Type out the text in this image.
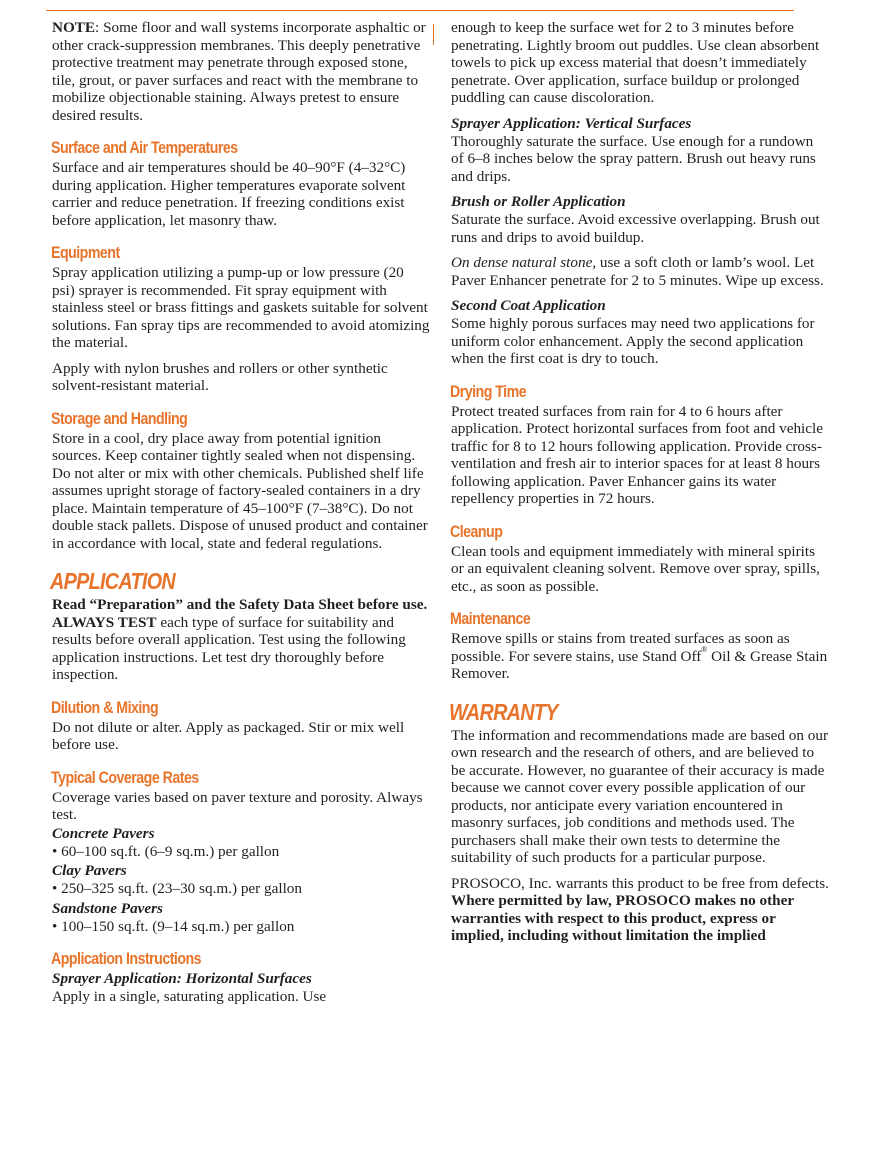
NOTE: Some floor and wall systems incorporate asphaltic or other crack-suppression membranes. This deeply penetrative protective treatment may penetrate through exposed stone, tile, grout, or paver surfaces and react with the membrane to mobilize objectionable staining. Always pretest to ensure desired results.

Surface and Air Temperatures

Surface and air temperatures should be 40–90°F (4–32°C) during application. Higher temperatures evaporate solvent carrier and reduce penetration. If freezing conditions exist before application, let masonry thaw.

Equipment

Spray application utilizing a pump-up or low pressure (20 psi) sprayer is recommended. Fit spray equipment with stainless steel or brass fittings and gaskets suitable for solvent solutions. Fan spray tips are recommended to avoid atomizing the material.

Apply with nylon brushes and rollers or other synthetic solvent-resistant material.

Storage and Handling

Store in a cool, dry place away from potential ignition sources. Keep container tightly sealed when not dispensing. Do not alter or mix with other chemicals. Published shelf life assumes upright storage of factory-sealed containers in a dry place. Maintain temperature of 45–100°F (7–38°C). Do not double stack pallets. Dispose of unused product and container in accordance with local, state and federal regulations.

APPLICATION

Read “Preparation” and the Safety Data Sheet before use. ALWAYS TEST each type of surface for suitability and results before overall application. Test using the following application instructions. Let test dry thoroughly before inspection.

Dilution & Mixing

Do not dilute or alter. Apply as packaged. Stir or mix well before use.

Typical Coverage Rates

Coverage varies based on paver texture and porosity. Always test.

Concrete Pavers

• 60–100 sq.ft. (6–9 sq.m.) per gallon

Clay Pavers

• 250–325 sq.ft. (23–30 sq.m.) per gallon

Sandstone Pavers

• 100–150 sq.ft. (9–14 sq.m.) per gallon

Application Instructions
Sprayer Application: Horizontal Surfaces

Apply in a single, saturating application. Use

enough to keep the surface wet for 2 to 3 minutes before penetrating. Lightly broom out puddles. Use clean absorbent towels to pick up excess material that doesn’t immediately penetrate. Over application, surface buildup or prolonged puddling can cause discoloration.

Sprayer Application: Vertical Surfaces

Thoroughly saturate the surface. Use enough for a rundown of 6–8 inches below the spray pattern. Brush out heavy runs and drips.

Brush or Roller Application

Saturate the surface. Avoid excessive overlapping. Brush out runs and drips to avoid buildup.

On dense natural stone, use a soft cloth or lamb’s wool. Let Paver Enhancer penetrate for 2 to 5 minutes. Wipe up excess.

Second Coat Application

Some highly porous surfaces may need two applications for uniform color enhancement. Apply the second application when the first coat is dry to touch.

Drying Time

Protect treated surfaces from rain for 4 to 6 hours after application. Protect horizontal surfaces from foot and vehicle traffic for 8 to 12 hours following application. Provide cross-ventilation and fresh air to interior spaces for at least 8 hours following application. Paver Enhancer gains its water repellency properties in 72 hours.

Cleanup

Clean tools and equipment immediately with mineral spirits or an equivalent cleaning solvent. Remove over spray, spills, etc., as soon as possible.

Maintenance

Remove spills or stains from treated surfaces as soon as possible. For severe stains, use Stand Off® Oil & Grease Stain Remover.

WARRANTY

The information and recommendations made are based on our own research and the research of others, and are believed to be accurate. However, no guarantee of their accuracy is made because we cannot cover every possible application of our products, nor anticipate every variation encountered in masonry surfaces, job conditions and methods used. The purchasers shall make their own tests to determine the suitability of such products for a particular purpose.

PROSOCO, Inc. warrants this product to be free from defects. Where permitted by law, PROSOCO makes no other warranties with respect to this product, express or implied, including without limitation the implied
